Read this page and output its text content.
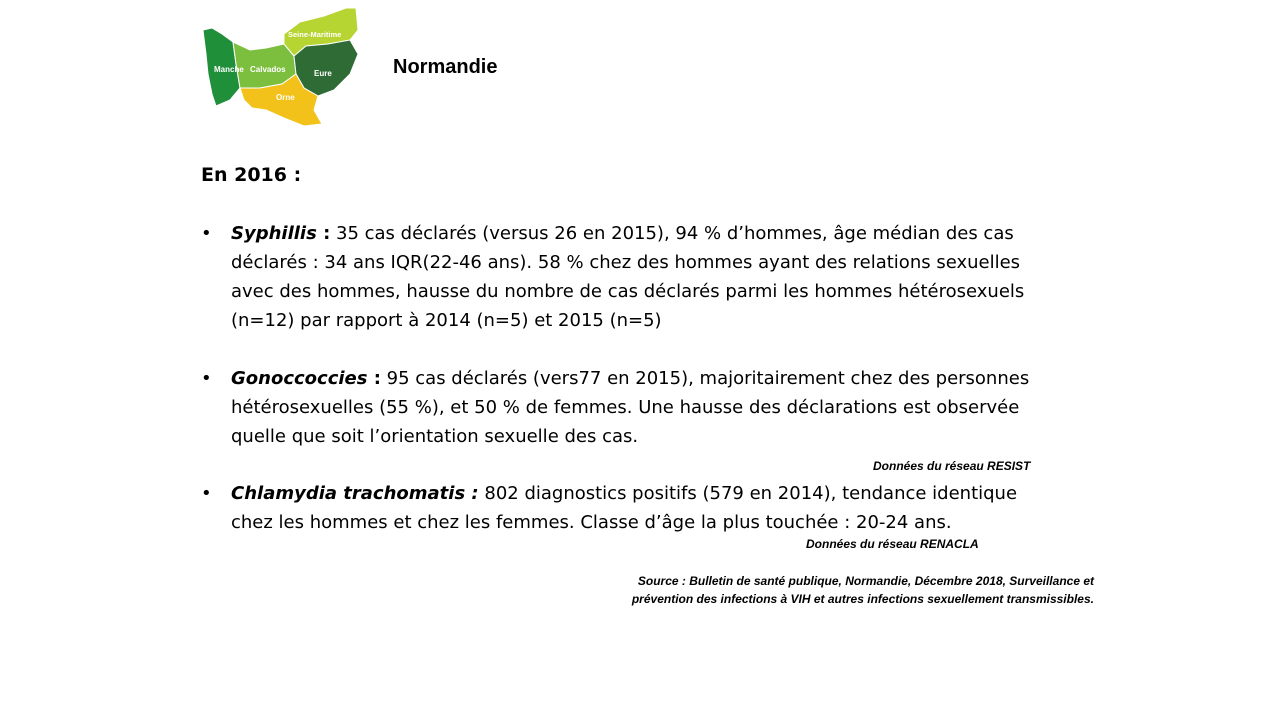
Manche Calvados
Seine-Maritime
Eure
Orne
Normandie
En 2016 :
•	Syphillis : 35 cas déclarés (versus 26 en 2015), 94 % d’hommes, âge médian des cas
déclarés : 34 ans IQR(22-46 ans). 58 % chez des hommes ayant des relations sexuelles
avec des hommes, hausse du nombre de cas déclarés parmi les hommes hétérosexuels
(n=12) par rapport à 2014 (n=5) et 2015 (n=5)
•	Gonoccoccies : 95 cas déclarés (vers77 en 2015), majoritairement chez des personnes
hétérosexuelles (55 %), et 50 % de femmes. Une hausse des déclarations est observée
quelle que soit l’orientation sexuelle des cas.
Données du réseau RESIST
•	Chlamydia trachomatis : 802 diagnostics positifs (579 en 2014), tendance identique
chez les hommes et chez les femmes. Classe d’âge la plus touchée : 20-24 ans.
Données du réseau RENACLA
Source : Bulletin de santé publique, Normandie, Décembre 2018, Surveillance et
prévention des infections à VIH et autres infections sexuellement transmissibles.
